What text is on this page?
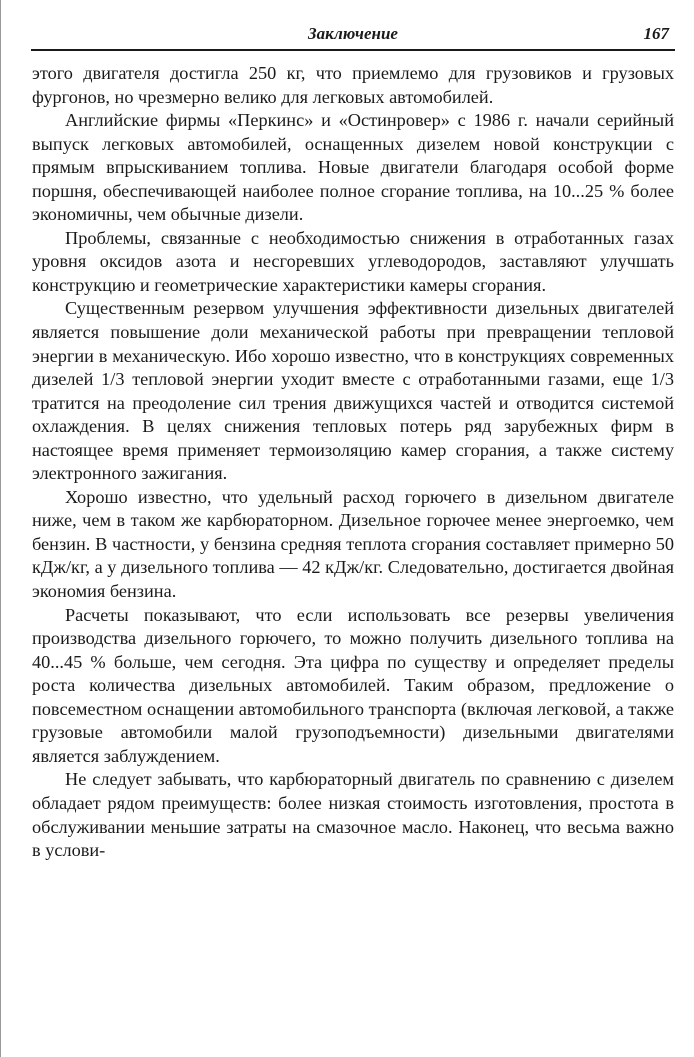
Заключение	167

этого двигателя достигла 250 кг, что приемлемо для грузовиков и грузовых фургонов, но чрезмерно велико для легковых автомобилей.

Английские фирмы «Перкинс» и «Остинровер» с 1986 г. начали серийный выпуск легковых автомобилей, оснащенных дизелем новой конструкции с прямым впрыскиванием топлива. Новые двигатели благодаря особой форме поршня, обеспечивающей наиболее полное сгорание топлива, на 10...25 % более экономичны, чем обычные дизели.

Проблемы, связанные с необходимостью снижения в отработанных газах уровня оксидов азота и несгоревших углеводородов, заставляют улучшать конструкцию и геометрические характеристики камеры сгорания.

Существенным резервом улучшения эффективности дизельных двигателей является повышение доли механической работы при превращении тепловой энергии в механическую. Ибо хорошо известно, что в конструкциях современных дизелей 1/3 тепловой энергии уходит вместе с отработанными газами, еще 1/3 тратится на преодоление сил трения движущихся частей и отводится системой охлаждения. В целях снижения тепловых потерь ряд зарубежных фирм в настоящее время применяет термоизоляцию камер сгорания, а также систему электронного зажигания.

Хорошо известно, что удельный расход горючего в дизельном двигателе ниже, чем в таком же карбюраторном. Дизельное горючее менее энергоемко, чем бензин. В частности, у бензина средняя теплота сгорания составляет примерно 50 кДж/кг, а у дизельного топлива — 42 кДж/кг. Следовательно, достигается двойная экономия бензина.

Расчеты показывают, что если использовать все резервы увеличения производства дизельного горючего, то можно получить дизельного топлива на 40...45 % больше, чем сегодня. Эта цифра по существу и определяет пределы роста количества дизельных автомобилей. Таким образом, предложение о повсеместном оснащении автомобильного транспорта (включая легковой, а также грузовые автомобили малой грузоподъемности) дизельными двигателями является заблуждением.

Не следует забывать, что карбюраторный двигатель по сравнению с дизелем обладает рядом преимуществ: более низкая стоимость изготовления, простота в обслуживании меньшие затраты на смазочное масло. Наконец, что весьма важно в услови-
